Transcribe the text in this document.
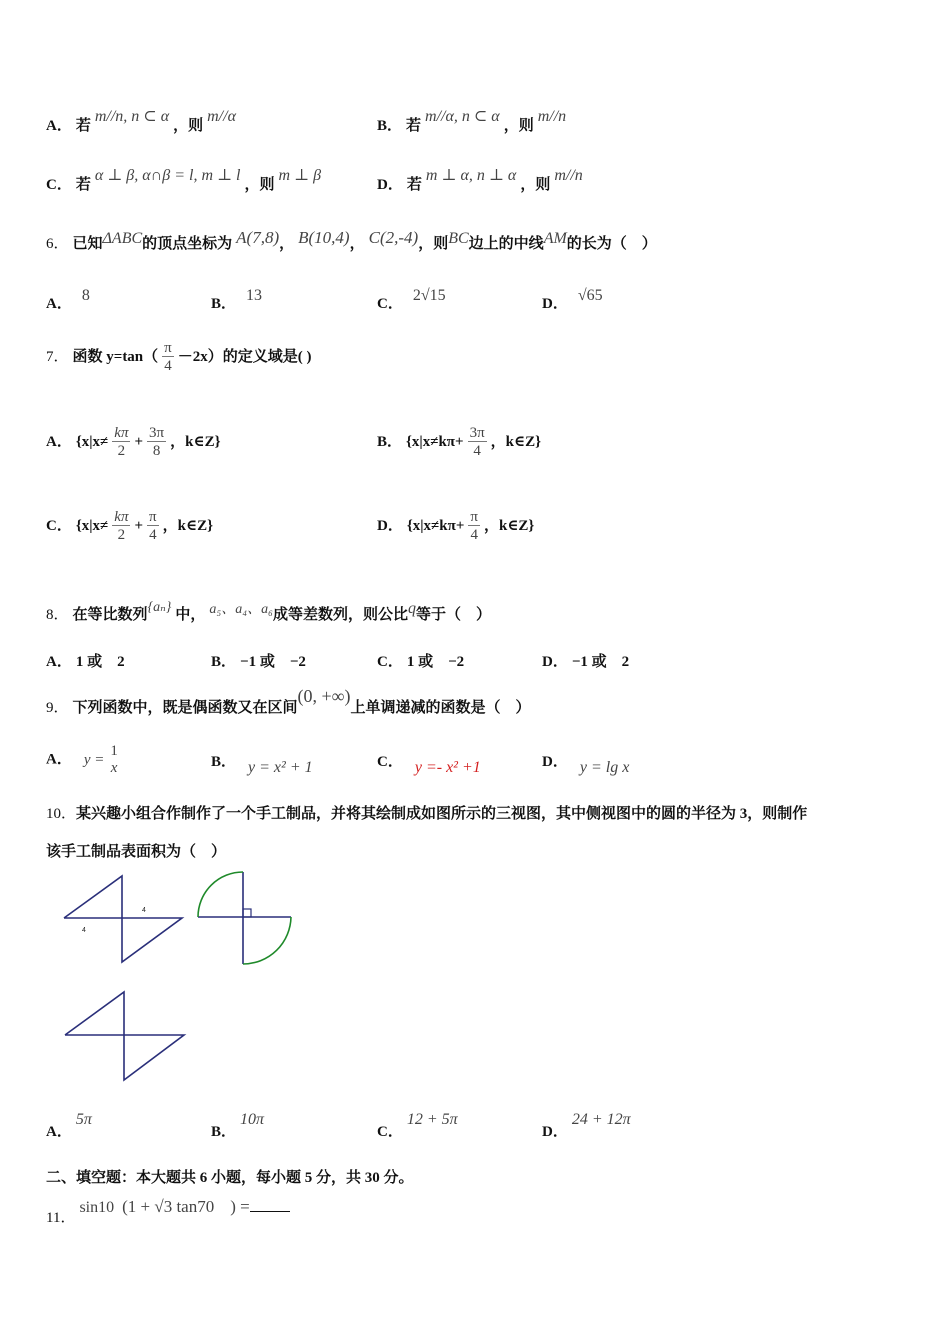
A． 若 m//n, n ⊂ α ，则 m//α
B． 若 m//α, n ⊂ α ，则 m//n
C． 若 α ⊥ β, α∩β = l, m ⊥ l ，则 m ⊥ β
D． 若 m ⊥ α, n ⊥ α ，则 m//n
6． 已知ΔABC的顶点坐标为 A(7,8)， B(10,4)， C(2,-4)，则BC边上的中线AM的长为（　）
A． 8	B． 13	C． 2√15	D． √65
7． 函数 $y=\tan( \frac{\pi}{4} -2x)$的定义域是( )
A． {$x|x\ne \frac{k\pi}{2} + \frac{3\pi}{8}$ ，k∈Z}	B． {$x|x\ne k\pi+ \frac{3\pi}{4}$ ，k∈Z}
C． {$x|x\ne \frac{k\pi}{2} + \frac{\pi}{4}$ ，k∈Z}	D． {$x|x\ne k\pi+ \frac{\pi}{4}$ ，k∈Z}
8． 在等比数列{aₙ} 中， a₅、a₄、a₆成等差数列，则公比q等于（　）
A． 1 或　2	B． −1 或　−2	C． 1 或　−2	D． −1 或　2
9． 下列函数中，既是偶函数又在区间(0, +∞)上单调递减的函数是（　）
A． y =
1
x	B． y = x² + 1	C． y =- x² +1	D． y = lg x
10．某兴趣小组合作制作了一个手工制品，并将其绘制成如图所示的三视图，其中侧视图中的圆的半径为 3，则制作
该手工制品表面积为（　）
4
4
A． 5π
B． 10π
C． 12 + 5π
D． 24 + 12π
二、填空题：本大题共 6 小题，每小题 5 分，共 30 分。
11． sin10 (1 + √3 tan70 ) =
